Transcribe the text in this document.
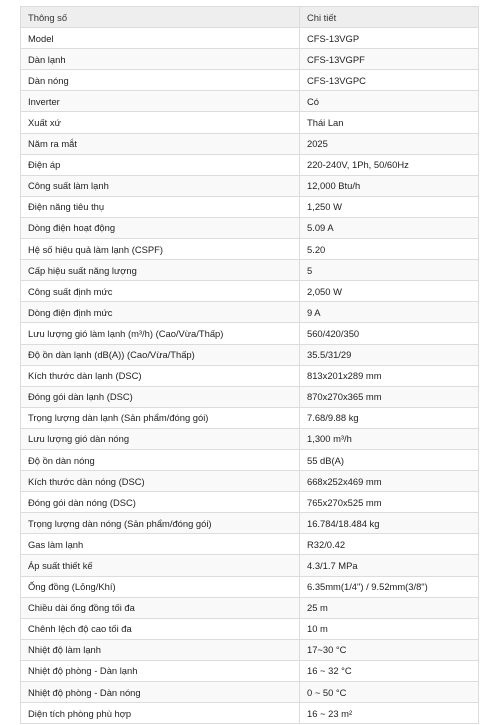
Thông số	Chi tiết
Model	CFS-13VGP
Dàn lạnh	CFS-13VGPF
Dàn nóng	CFS-13VGPC
Inverter	Có
Xuất xứ	Thái Lan
Năm ra mắt	2025
Điện áp	220-240V, 1Ph, 50/60Hz
Công suất làm lạnh	12,000 Btu/h
Điện năng tiêu thụ	1,250 W
Dòng điện hoạt động	5.09 A
Hệ số hiệu quả làm lạnh (CSPF)	5.20
Cấp hiệu suất năng lượng	5
Công suất định mức	2,050 W
Dòng điện định mức	9 A
Lưu lượng gió làm lạnh (m³/h) (Cao/Vừa/Thấp)	560/420/350
Độ ồn dàn lạnh (dB(A)) (Cao/Vừa/Thấp)	35.5/31/29
Kích thước dàn lạnh (DSC)	813x201x289 mm
Đóng gói dàn lạnh (DSC)	870x270x365 mm
Trọng lượng dàn lạnh (Sản phẩm/đóng gói)	7.68/9.88 kg
Lưu lượng gió dàn nóng	1,300 m³/h
Độ ồn dàn nóng	55 dB(A)
Kích thước dàn nóng (DSC)	668x252x469 mm
Đóng gói dàn nóng (DSC)	765x270x525 mm
Trọng lượng dàn nóng (Sản phẩm/đóng gói)	16.784/18.484 kg
Gas làm lạnh	R32/0.42
Áp suất thiết kế	4.3/1.7 MPa
Ống đồng (Lỏng/Khí)	6.35mm(1/4") / 9.52mm(3/8")
Chiều dài ống đồng tối đa	25 m
Chênh lệch độ cao tối đa	10 m
Nhiệt độ làm lạnh	17~30 °C
Nhiệt độ phòng - Dàn lạnh	16 ~ 32 °C
Nhiệt độ phòng - Dàn nóng	0 ~ 50 °C
Diện tích phòng phù hợp	16 ~ 23 m²
